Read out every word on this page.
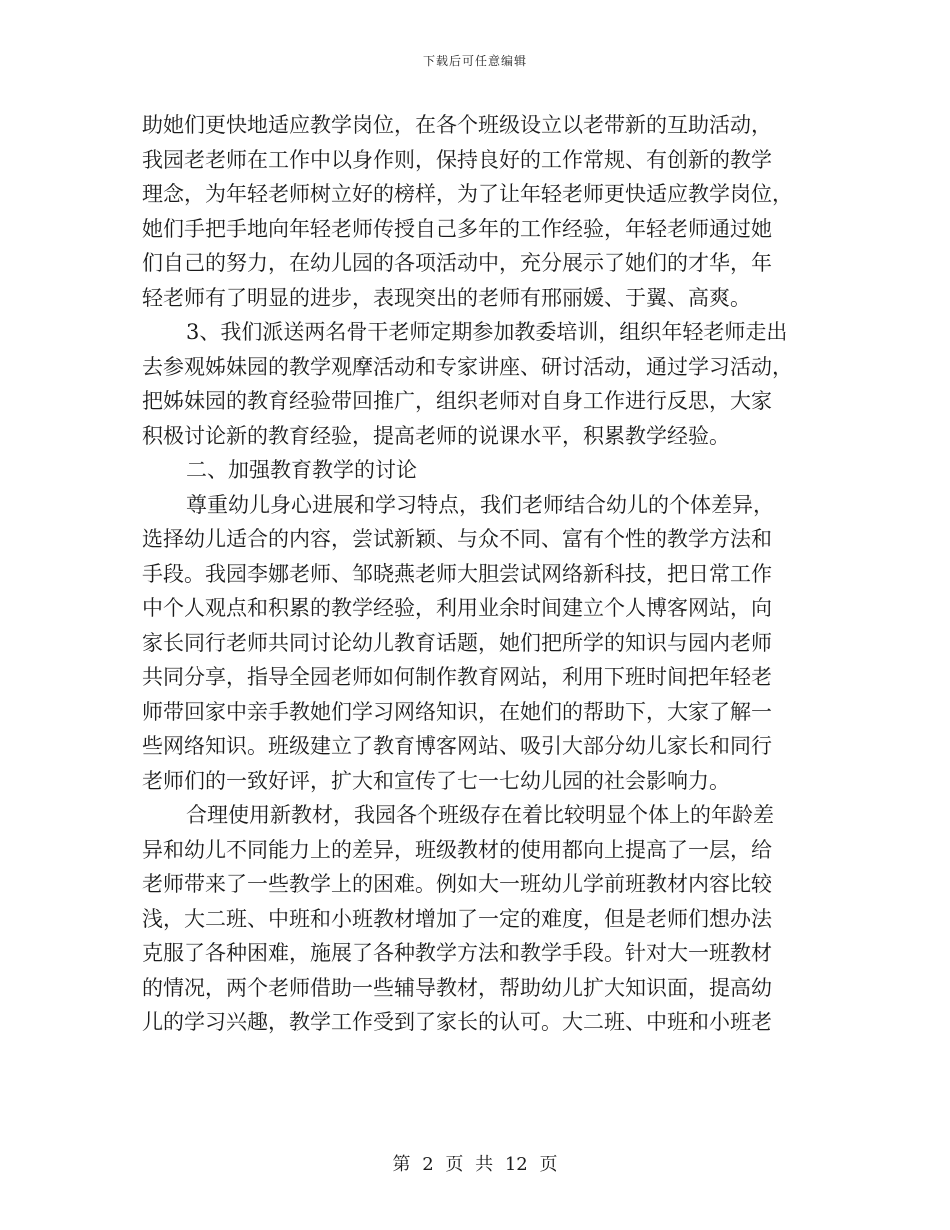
下载后可任意编辑
助她们更快地适应教学岗位，在各个班级设立以老带新的互助活动，
我园老老师在工作中以身作则，保持良好的工作常规、有创新的教学
理念，为年轻老师树立好的榜样，为了让年轻老师更快适应教学岗位，
她们手把手地向年轻老师传授自己多年的工作经验，年轻老师通过她
们自己的努力，在幼儿园的各项活动中，充分展示了她们的才华，年
轻老师有了明显的进步，表现突出的老师有邢丽媛、于翼、高爽。
3、我们派送两名骨干老师定期参加教委培训，组织年轻老师走出
去参观姊妹园的教学观摩活动和专家讲座、研讨活动，通过学习活动，
把姊妹园的教育经验带回推广，组织老师对自身工作进行反思，大家
积极讨论新的教育经验，提高老师的说课水平，积累教学经验。
二、加强教育教学的讨论
尊重幼儿身心进展和学习特点，我们老师结合幼儿的个体差异，
选择幼儿适合的内容，尝试新颖、与众不同、富有个性的教学方法和
手段。我园李娜老师、邹晓燕老师大胆尝试网络新科技，把日常工作
中个人观点和积累的教学经验，利用业余时间建立个人博客网站，向
家长同行老师共同讨论幼儿教育话题，她们把所学的知识与园内老师
共同分享，指导全园老师如何制作教育网站，利用下班时间把年轻老
师带回家中亲手教她们学习网络知识，在她们的帮助下，大家了解一
些网络知识。班级建立了教育博客网站、吸引大部分幼儿家长和同行
老师们的一致好评，扩大和宣传了七一七幼儿园的社会影响力。
合理使用新教材，我园各个班级存在着比较明显个体上的年龄差
异和幼儿不同能力上的差异，班级教材的使用都向上提高了一层，给
老师带来了一些教学上的困难。例如大一班幼儿学前班教材内容比较
浅，大二班、中班和小班教材增加了一定的难度，但是老师们想办法
克服了各种困难，施展了各种教学方法和教学手段。针对大一班教材
的情况，两个老师借助一些辅导教材，帮助幼儿扩大知识面，提高幼
儿的学习兴趣，教学工作受到了家长的认可。大二班、中班和小班老
第 2 页 共 12 页
